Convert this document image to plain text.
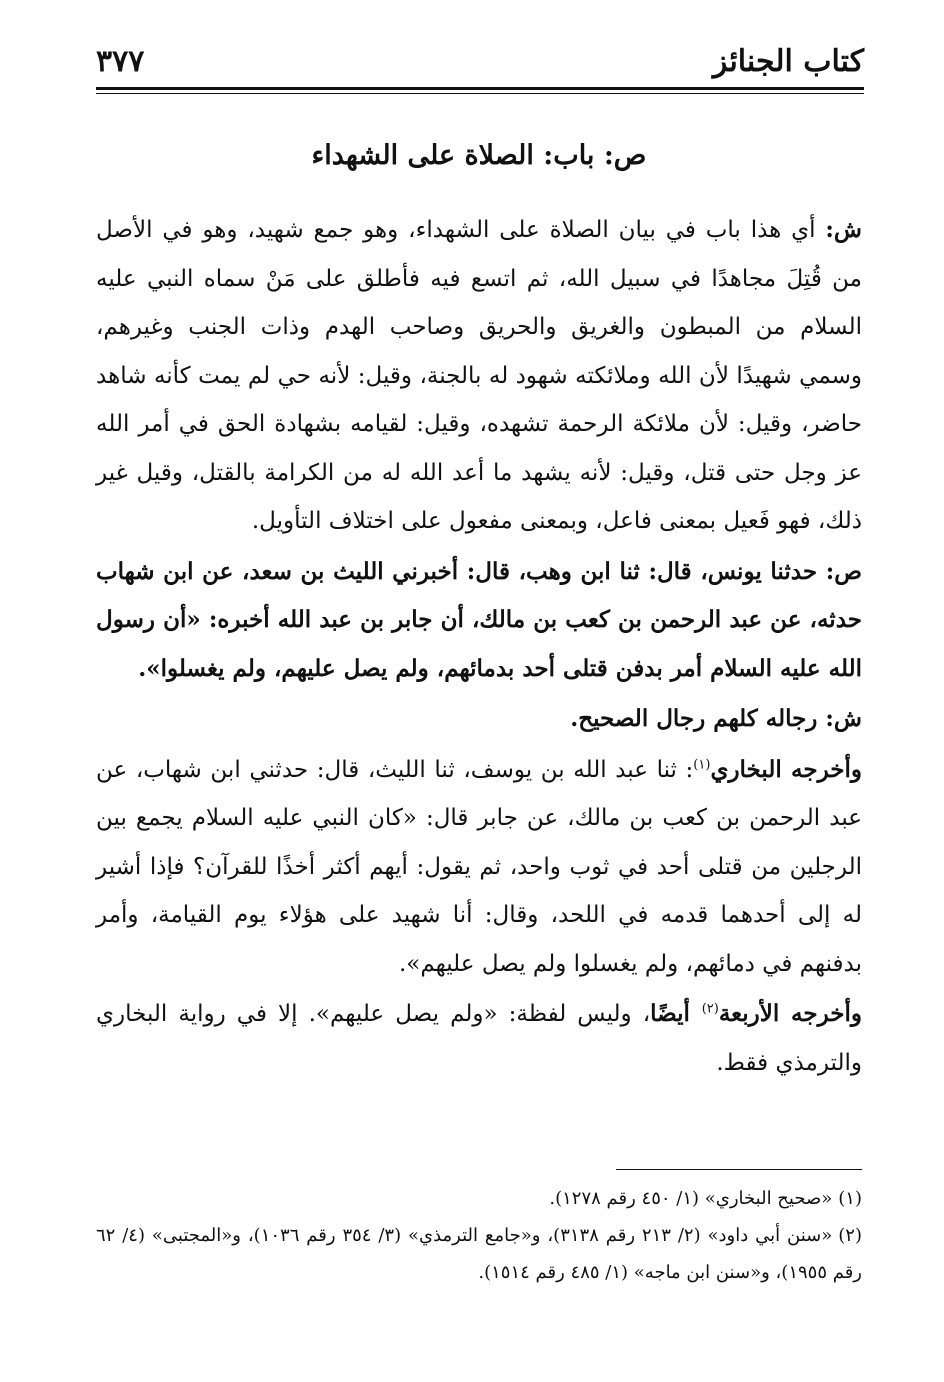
٣٧٧	كتاب الجنائز
ص: باب: الصلاة على الشهداء

ش: أي هذا باب في بيان الصلاة على الشهداء، وهو جمع شهيد، وهو في الأصل من قُتِلَ مجاهدًا في سبيل الله، ثم اتسع فيه فأطلق على مَنْ سماه النبي عليه السلام من المبطون والغريق والحريق وصاحب الهدم وذات الجنب وغيرهم، وسمي شهيدًا لأن الله وملائكته شهود له بالجنة، وقيل: لأنه حي لم يمت كأنه شاهد حاضر، وقيل: لأن ملائكة الرحمة تشهده، وقيل: لقيامه بشهادة الحق في أمر الله عز وجل حتى قتل، وقيل: لأنه يشهد ما أعد الله له من الكرامة بالقتل، وقيل غير ذلك، فهو فَعيل بمعنى فاعل، وبمعنى مفعول على اختلاف التأويل.

ص: حدثنا يونس، قال: ثنا ابن وهب، قال: أخبرني الليث بن سعد، عن ابن شهاب حدثه، عن عبد الرحمن بن كعب بن مالك، أن جابر بن عبد الله أخبره: «أن رسول الله عليه السلام أمر بدفن قتلى أحد بدمائهم، ولم يصل عليهم، ولم يغسلوا».

ش: رجاله كلهم رجال الصحيح.

وأخرجه البخاري$^{(١)}$: ثنا عبد الله بن يوسف، ثنا الليث، قال: حدثني ابن شهاب، عن عبد الرحمن بن كعب بن مالك، عن جابر قال: «كان النبي عليه السلام يجمع بين الرجلين من قتلى أحد في ثوب واحد، ثم يقول: أيهم أكثر أخذًا للقرآن؟ فإذا أشير له إلى أحدهما قدمه في اللحد، وقال: أنا شهيد على هؤلاء يوم القيامة، وأمر بدفنهم في دمائهم، ولم يغسلوا ولم يصل عليهم».

وأخرجه الأربعة$^{(٢)}$ أيضًا، وليس لفظة: «ولم يصل عليهم». إلا في رواية البخاري والترمذي فقط.

(١)«صحيح البخاري» (١/ ٤٥٠ رقم ١٢٧٨).

(٢)«سنن أبي داود» (٢/ ٢١٣ رقم ٣١٣٨)، و«جامع الترمذي» (٣/ ٣٥٤ رقم ١٠٣٦)، و«المجتبى» (٤/ ٦٢ رقم ١٩٥٥)، و«سنن ابن ماجه» (١/ ٤٨٥ رقم ١٥١٤).
